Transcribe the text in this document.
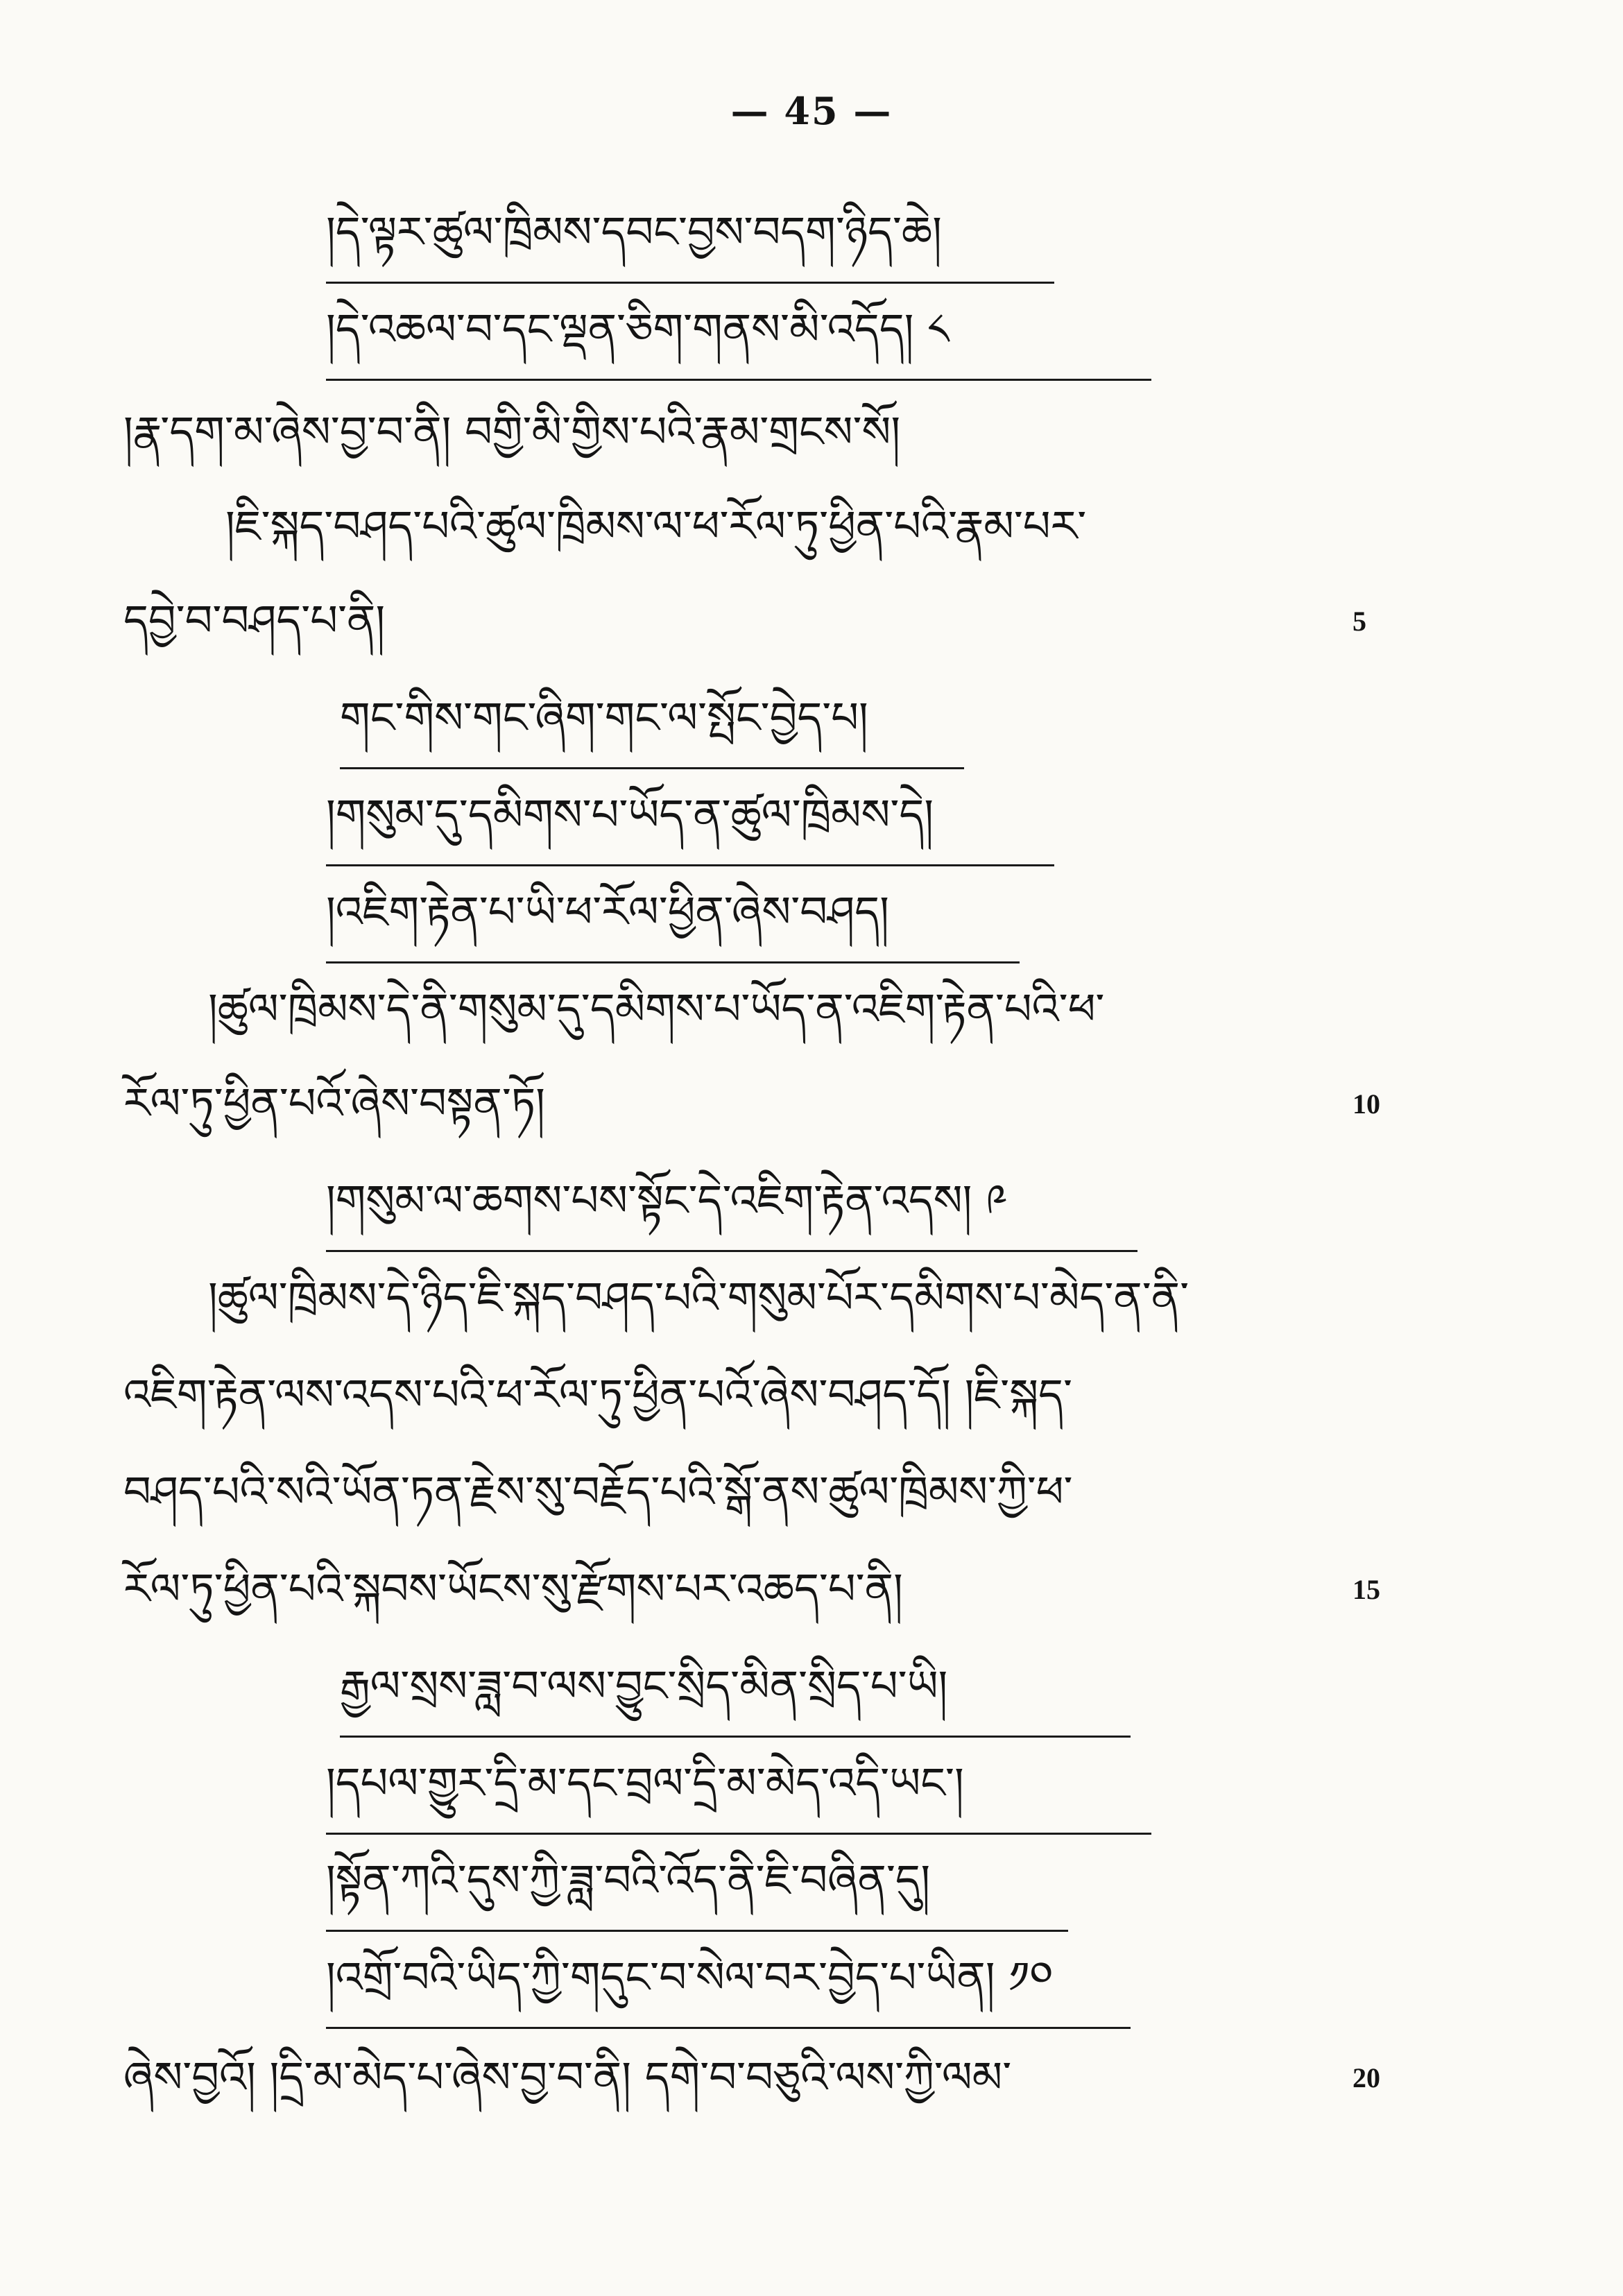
— 45 —
།དེ་ལྟར་ཚུལ་ཁྲིམས་དབང་བྱས་བདག་ཉིད་ཆེ།
།དེ་འཆལ་བ་དང་ལྡན་ཅིག་གནས་མི་འདོད། ༨
།རྣ་དག་མ་ཞེས་བྱ་བ་ནི། བགྱི་མི་གྱིས་པའི་རྣམ་གྲངས་སོ།
།ཇི་སྐད་བཤད་པའི་ཚུལ་ཁྲིམས་ལ་ཕ་རོལ་ཏུ་ཕྱིན་པའི་རྣམ་པར་
དབྱེ་བ་བཤད་པ་ནི།	5
གང་གིས་གང་ཞིག་གང་ལ་སྤོང་བྱེད་པ།
།གསུམ་དུ་དམིགས་པ་ཡོད་ན་ཚུལ་ཁྲིམས་དེ།
།འཇིག་རྟེན་པ་ཡི་ཕ་རོལ་ཕྱིན་ཞེས་བཤད།
།ཚུལ་ཁྲིམས་དེ་ནི་གསུམ་དུ་དམིགས་པ་ཡོད་ན་འཇིག་རྟེན་པའི་ཕ་
རོལ་ཏུ་ཕྱིན་པའོ་ཞེས་བསྟན་ཏོ།	10
།གསུམ་ལ་ཆགས་པས་སྟོང་དེ་འཇིག་རྟེན་འདས། ༩
།ཚུལ་ཁྲིམས་དེ་ཉིད་ཇི་སྐད་བཤད་པའི་གསུམ་པོར་དམིགས་པ་མེད་ན་ནི་
འཇིག་རྟེན་ལས་འདས་པའི་ཕ་རོལ་ཏུ་ཕྱིན་པའོ་ཞེས་བཤད་དོ། །ཇི་སྐད་
བཤད་པའི་སའི་ཡོན་ཏན་རྗེས་སུ་བརྗོད་པའི་སྒོ་ནས་ཚུལ་ཁྲིམས་ཀྱི་ཕ་
རོལ་ཏུ་ཕྱིན་པའི་སྐབས་ཡོངས་སུ་རྫོགས་པར་འཆད་པ་ནི།	15
རྒྱལ་སྲས་ཟླ་བ་ལས་བྱུང་སྲིད་མིན་སྲིད་པ་ཡི།
།དཔལ་གྱུར་དྲི་མ་དང་བྲལ་དྲི་མ་མེད་འདི་ཡང་།
།སྟོན་ཀའི་དུས་ཀྱི་ཟླ་བའི་འོད་ནི་ཇི་བཞིན་དུ།
།འགྲོ་བའི་ཡིད་ཀྱི་གདུང་བ་སེལ་བར་བྱེད་པ་ཡིན། ༡༠
ཞེས་བྱའོ། །དྲི་མ་མེད་པ་ཞེས་བྱ་བ་ནི། དགེ་བ་བཅུའི་ལས་ཀྱི་ལམ་	20
